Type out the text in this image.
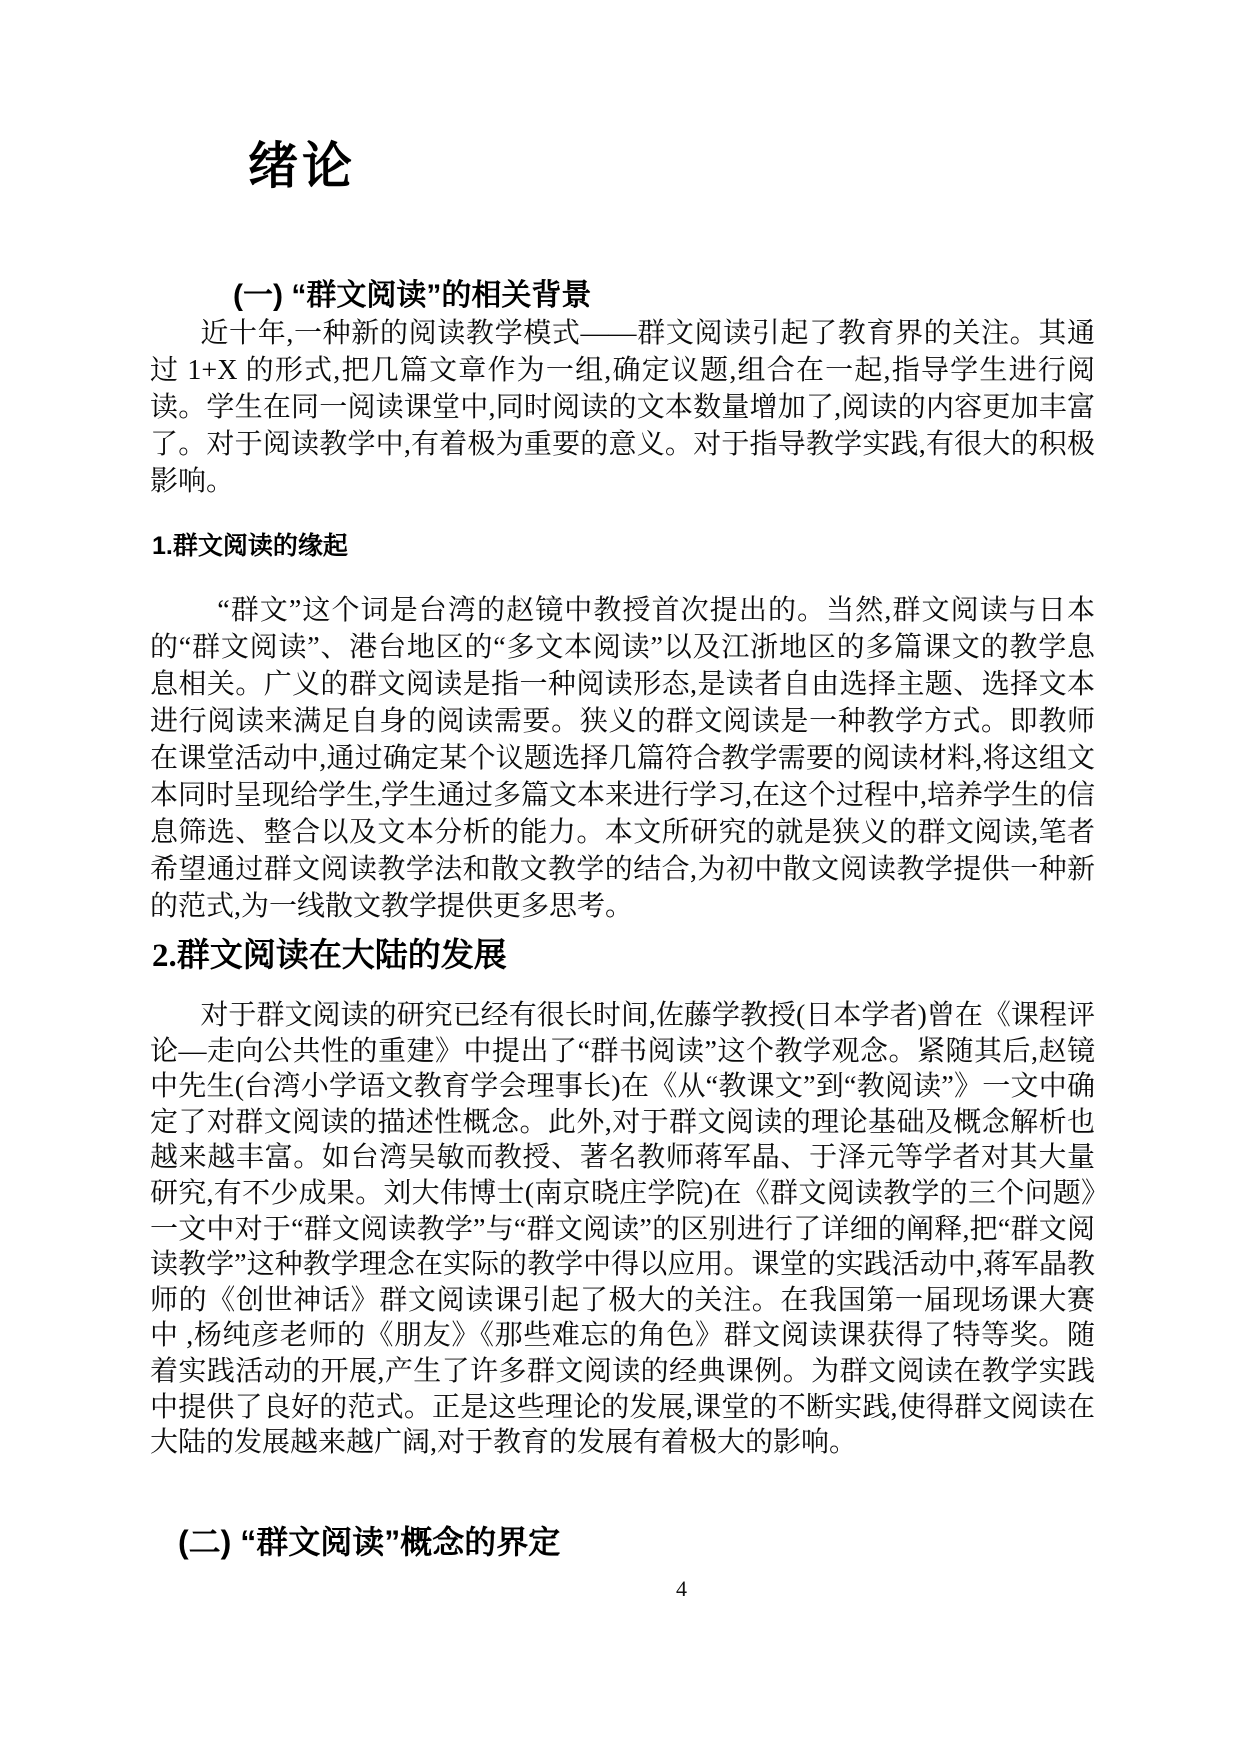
绪论
(一) “群文阅读”的相关背景
近十年,一种新的阅读教学模式——群文阅读引起了教育界的关注。其通过 1+X 的形式,把几篇文章作为一组,确定议题,组合在一起,指导学生进行阅读。学生在同一阅读课堂中,同时阅读的文本数量增加了,阅读的内容更加丰富了。对于阅读教学中,有着极为重要的意义。对于指导教学实践,有很大的积极影响。
1.群文阅读的缘起
“群文”这个词是台湾的赵镜中教授首次提出的。当然,群文阅读与日本的“群文阅读”、港台地区的“多文本阅读”以及江浙地区的多篇课文的教学息息相关。广义的群文阅读是指一种阅读形态,是读者自由选择主题、选择文本进行阅读来满足自身的阅读需要。狭义的群文阅读是一种教学方式。即教师在课堂活动中,通过确定某个议题选择几篇符合教学需要的阅读材料,将这组文本同时呈现给学生,学生通过多篇文本来进行学习,在这个过程中,培养学生的信息筛选、整合以及文本分析的能力。本文所研究的就是狭义的群文阅读,笔者希望通过群文阅读教学法和散文教学的结合,为初中散文阅读教学提供一种新的范式,为一线散文教学提供更多思考。
2.群文阅读在大陆的发展
对于群文阅读的研究已经有很长时间,佐藤学教授(日本学者)曾在《课程评论—走向公共性的重建》中提出了“群书阅读”这个教学观念。紧随其后,赵镜中先生(台湾小学语文教育学会理事长)在《从“教课文”到“教阅读”》一文中确定了对群文阅读的描述性概念。此外,对于群文阅读的理论基础及概念解析也越来越丰富。如台湾吴敏而教授、著名教师蒋军晶、于泽元等学者对其大量研究,有不少成果。刘大伟博士(南京晓庄学院)在《群文阅读教学的三个问题》一文中对于“群文阅读教学”与“群文阅读”的区别进行了详细的阐释,把“群文阅读教学”这种教学理念在实际的教学中得以应用。课堂的实践活动中,蒋军晶教师的《创世神话》群文阅读课引起了极大的关注。在我国第一届现场课大赛中 ,杨纯彦老师的《朋友》《那些难忘的角色》群文阅读课获得了特等奖。随着实践活动的开展,产生了许多群文阅读的经典课例。为群文阅读在教学实践中提供了良好的范式。正是这些理论的发展,课堂的不断实践,使得群文阅读在大陆的发展越来越广阔,对于教育的发展有着极大的影响。
(二) “群文阅读”概念的界定
4
